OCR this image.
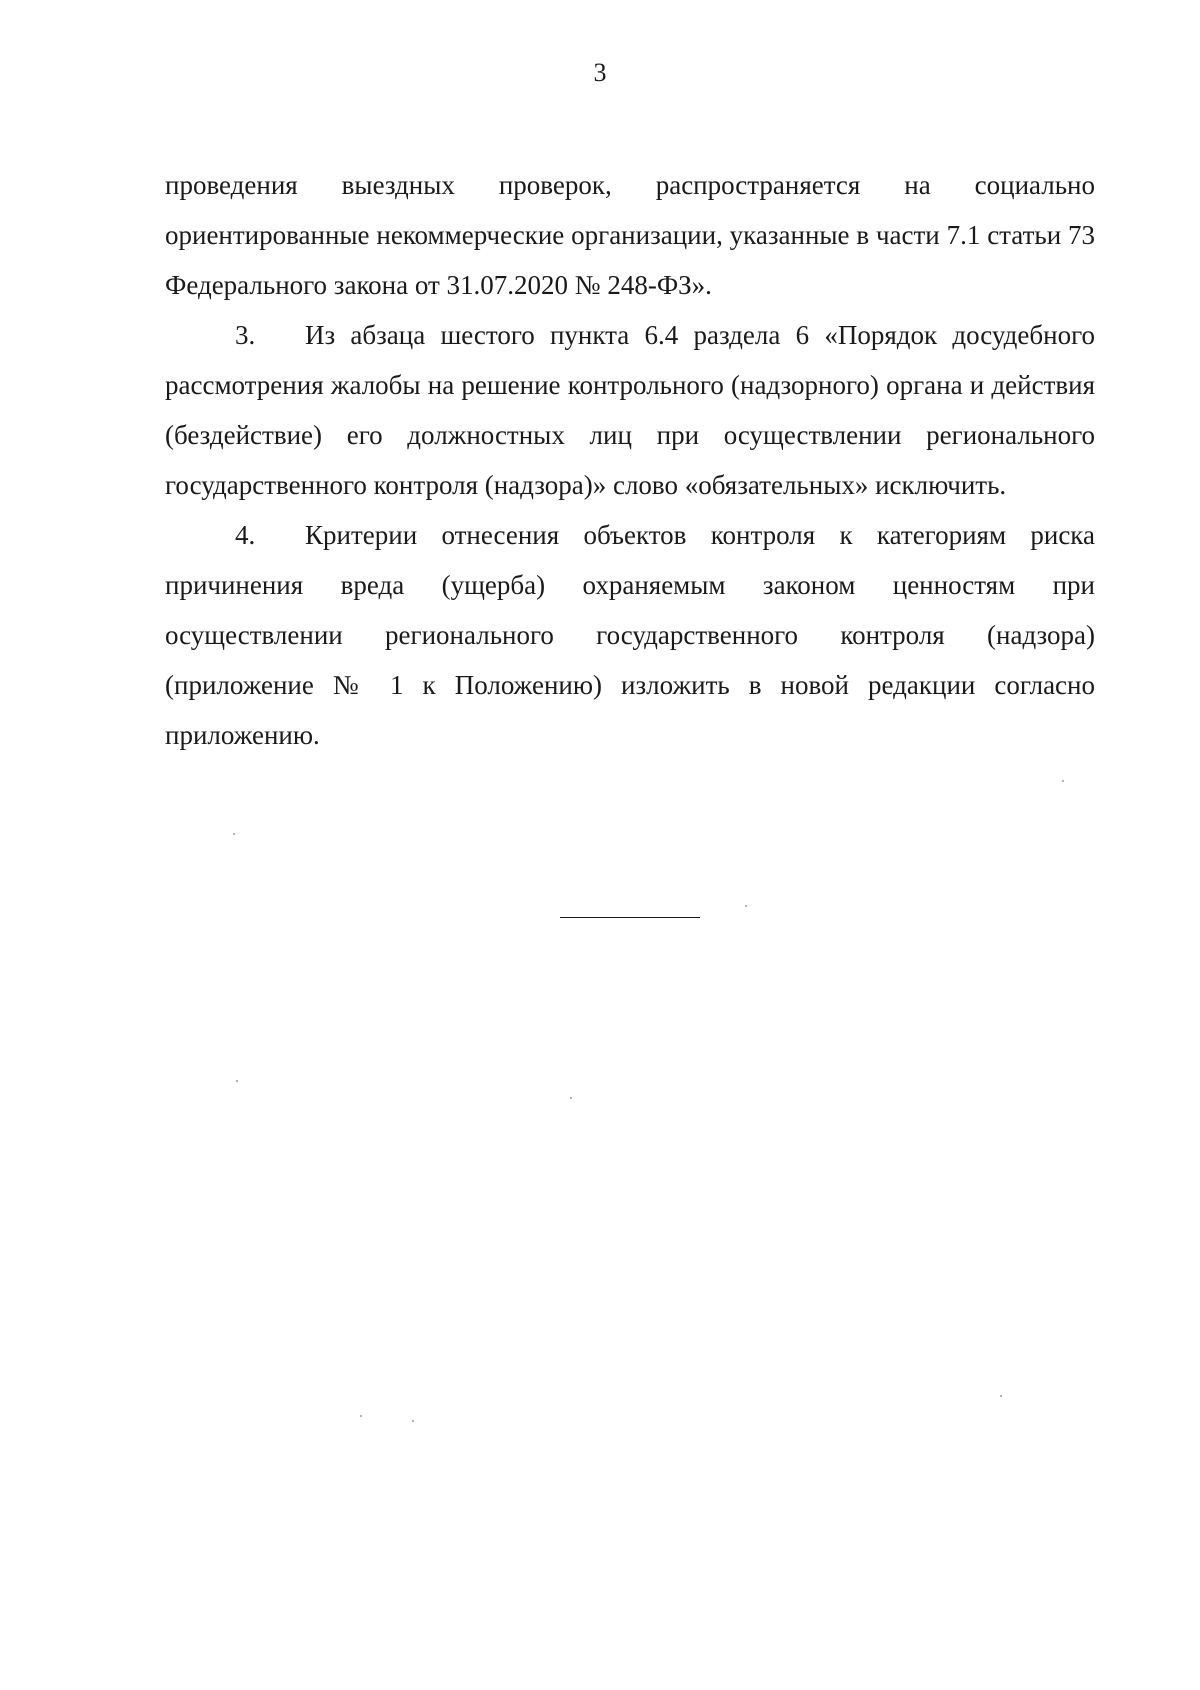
3

проведения выездных проверок, распространяется на социально ориентированные некоммерческие организации, указанные в части 7.1 статьи 73 Федерального закона от 31.07.2020 № 248-ФЗ».

3. Из абзаца шестого пункта 6.4 раздела 6 «Порядок досудебного рассмотрения жалобы на решение контрольного (надзорного) органа и действия (бездействие) его должностных лиц при осуществлении регионального государственного контроля (надзора)» слово «обязательных» исключить.

4. Критерии отнесения объектов контроля к категориям риска причинения вреда (ущерба) охраняемым законом ценностям при осуществлении регионального государственного контроля (надзора) (приложение № 1 к Положению) изложить в новой редакции согласно приложению.
